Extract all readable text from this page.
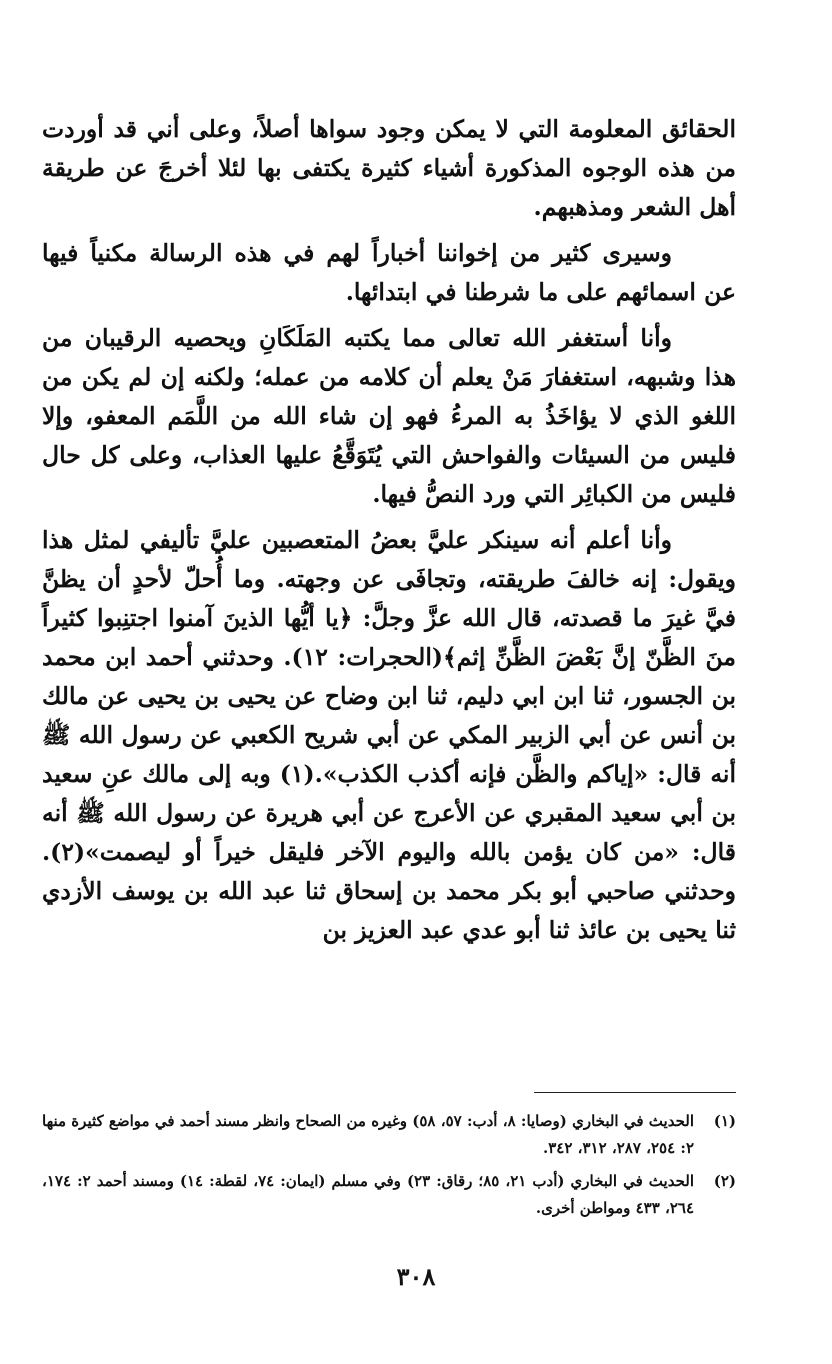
الحقائق المعلومة التي لا يمكن وجود سواها أصلاً، وعلى أني قد أوردت من هذه الوجوه المذكورة أشياء كثيرة يكتفى بها لئلا أخرجَ عن طريقة أهل الشعر ومذهبهم.

وسيرى كثير من إخواننا أخباراً لهم في هذه الرسالة مكنياً فيها عن اسمائهم على ما شرطنا في ابتدائها.

وأنا أستغفر الله تعالى مما يكتبه المَلَكَانِ ويحصيه الرقيبان من هذا وشبهه، استغفارَ مَنْ يعلم أن كلامه من عمله؛ ولكنه إن لم يكن من اللغو الذي لا يؤاخَذُ به المرءُ فهو إن شاء الله من اللَّمَم المعفو، وإلا فليس من السيئات والفواحش التي يُتَوَقَّعُ عليها العذاب، وعلى كل حال فليس من الكبائِر التي ورد النصُّ فيها.

وأنا أعلم أنه سينكر عليَّ بعضُ المتعصبين عليَّ تأليفي لمثل هذا ويقول: إنه خالفَ طريقته، وتجافَى عن وجهته. وما أُحلّ لأحدٍ أن يظنَّ فيَّ غيرَ ما قصدته، قال الله عزَّ وجلَّ: ﴿يا أيُّها الذينَ آمنوا اجتنِبوا كثيراً منَ الظَّنّ إنَّ بَعْضَ الظَّنِّ إثم﴾(الحجرات: ١٢). وحدثني أحمد ابن محمد بن الجسور، ثنا ابن ابي دليم، ثنا ابن وضاح عن يحيى بن يحيى عن مالك بن أنس عن أبي الزبير المكي عن أبي شريح الكعبي عن رسول الله ﷺ أنه قال: «إياكم والظَّن فإنه أكذب الكذب».(١) وبه إلى مالك عنِ سعيد بن أبي سعيد المقبري عن الأعرج عن أبي هريرة عن رسول الله ﷺ أنه قال: «من كان يؤمن بالله واليوم الآخر فليقل خيراً أو ليصمت»(٢). وحدثني صاحبي أبو بكر محمد بن إسحاق ثنا عبد الله بن يوسف الأزدي ثنا يحيى بن عائذ ثنا أبو عدي عبد العزيز بن

(١)
الحديث في البخاري (وصايا: ٨، أدب: ٥٧، ٥٨) وغيره من الصحاح وانظر مسند أحمد في مواضع كثيرة منها ٢: ٢٥٤، ٢٨٧، ٣١٢، ٣٤٢.
(٢)
الحديث في البخاري (أدب ٢١، ٨٥؛ رقاق: ٢٣) وفي مسلم (ايمان: ٧٤، لقطة: ١٤) ومسند أحمد ٢: ١٧٤، ٢٦٤، ٤٣٣ ومواطن أخرى.
٣٠٨
